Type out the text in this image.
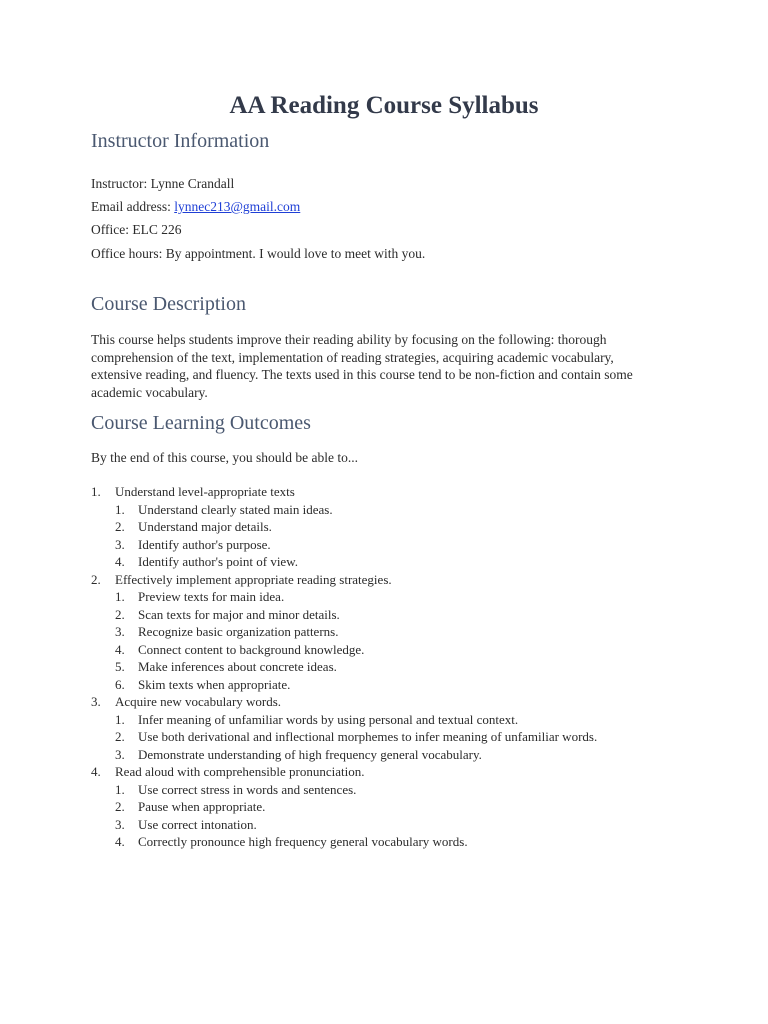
AA Reading Course Syllabus
Instructor Information

Instructor: Lynne Crandall

Email address: lynnec213@gmail.com

Office: ELC 226

Office hours: By appointment. I would love to meet with you.

Course Description

This course helps students improve their reading ability by focusing on the following: thorough comprehension of the text, implementation of reading strategies, acquiring academic vocabulary, extensive reading, and fluency. The texts used in this course tend to be non-fiction and contain some academic vocabulary.

Course Learning Outcomes

By the end of this course, you should be able to...

1. Understand level-appropriate texts
1. Understand clearly stated main ideas.
2. Understand major details.
3. Identify author's purpose.
4. Identify author's point of view.
2. Effectively implement appropriate reading strategies.
1. Preview texts for main idea.
2. Scan texts for major and minor details.
3. Recognize basic organization patterns.
4. Connect content to background knowledge.
5. Make inferences about concrete ideas.
6. Skim texts when appropriate.
3. Acquire new vocabulary words.
1. Infer meaning of unfamiliar words by using personal and textual context.
2. Use both derivational and inflectional morphemes to infer meaning of unfamiliar words.
3. Demonstrate understanding of high frequency general vocabulary.
4. Read aloud with comprehensible pronunciation.
1. Use correct stress in words and sentences.
2. Pause when appropriate.
3. Use correct intonation.
4. Correctly pronounce high frequency general vocabulary words.
